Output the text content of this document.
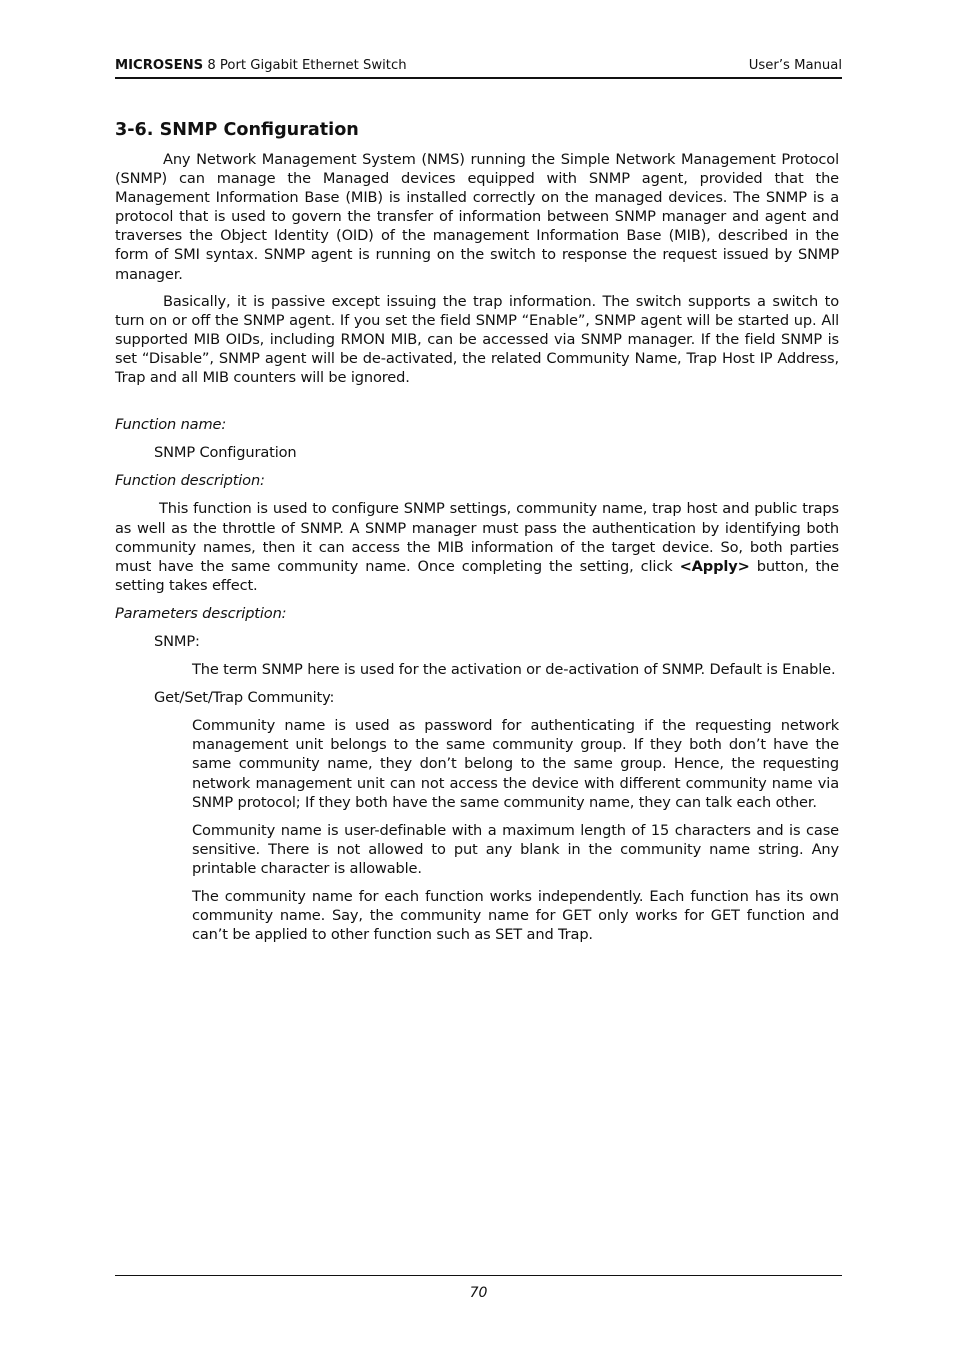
MICROSENS 8 Port Gigabit Ethernet Switch	User’s Manual
3-6. SNMP Configuration

Any Network Management System (NMS) running the Simple Network Management Protocol (SNMP) can manage the Managed devices equipped with SNMP agent, provided that the Management Information Base (MIB) is installed correctly on the managed devices. The SNMP is a protocol that is used to govern the transfer of information between SNMP manager and agent and traverses the Object Identity (OID) of the management Information Base (MIB), described in the form of SMI syntax. SNMP agent is running on the switch to response the request issued by SNMP manager.

Basically, it is passive except issuing the trap information. The switch supports a switch to turn on or off the SNMP agent. If you set the field SNMP “Enable”, SNMP agent will be started up. All supported MIB OIDs, including RMON MIB, can be accessed via SNMP manager. If the field SNMP is set “Disable”, SNMP agent will be de-activated, the related Community Name, Trap Host IP Address, Trap and all MIB counters will be ignored.

Function name:

SNMP Configuration

Function description:

This function is used to configure SNMP settings, community name, trap host and public traps as well as the throttle of SNMP. A SNMP manager must pass the authentication by identifying both community names, then it can access the MIB information of the target device. So, both parties must have the same community name. Once completing the setting, click <Apply> button, the setting takes effect.

Parameters description:

SNMP:

The term SNMP here is used for the activation or de-activation of SNMP. Default is Enable.

Get/Set/Trap Community:

Community name is used as password for authenticating if the requesting network management unit belongs to the same community group. If they both don’t have the same community name, they don’t belong to the same group. Hence, the requesting network management unit can not access the device with different community name via SNMP protocol; If they both have the same community name, they can talk each other.

Community name is user-definable with a maximum length of 15 characters and is case sensitive. There is not allowed to put any blank in the community name string. Any printable character is allowable.

The community name for each function works independently. Each function has its own community name. Say, the community name for GET only works for GET function and can’t be applied to other function such as SET and Trap.

70
